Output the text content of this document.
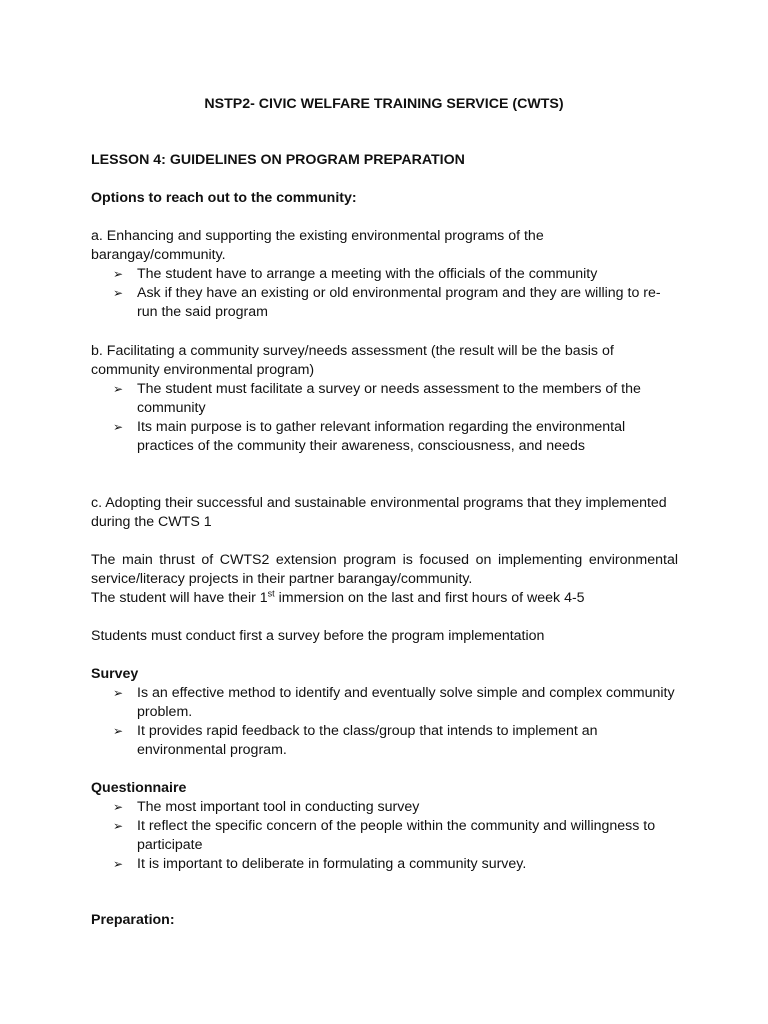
NSTP2- CIVIC WELFARE TRAINING SERVICE (CWTS)
LESSON 4: GUIDELINES ON PROGRAM PREPARATION
Options to reach out to the community:

a. Enhancing and supporting the existing environmental programs of the barangay/community.

➢ The student have to arrange a meeting with the officials of the community
➢ Ask if they have an existing or old environmental program and they are willing to re-run the said program

b. Facilitating a community survey/needs assessment (the result will be the basis of community environmental program)

➢ The student must facilitate a survey or needs assessment to the members of the community
➢ Its main purpose is to gather relevant information regarding the environmental practices of the community their awareness, consciousness, and needs

c. Adopting their successful and sustainable environmental programs that they implemented during the CWTS 1

The main thrust of CWTS2 extension program is focused on implementing environmental service/literacy projects in their partner barangay/community.

The student will have their 1st immersion on the last and first hours of week 4-5

Students must conduct first a survey before the program implementation
Survey
➢ Is an effective method to identify and eventually solve simple and complex community problem.
➢ It provides rapid feedback to the class/group that intends to implement an environmental program.
Questionnaire
➢ The most important tool in conducting survey
➢ It reflect the specific concern of the people within the community and willingness to participate
➢ It is important to deliberate in formulating a community survey.
Preparation:
